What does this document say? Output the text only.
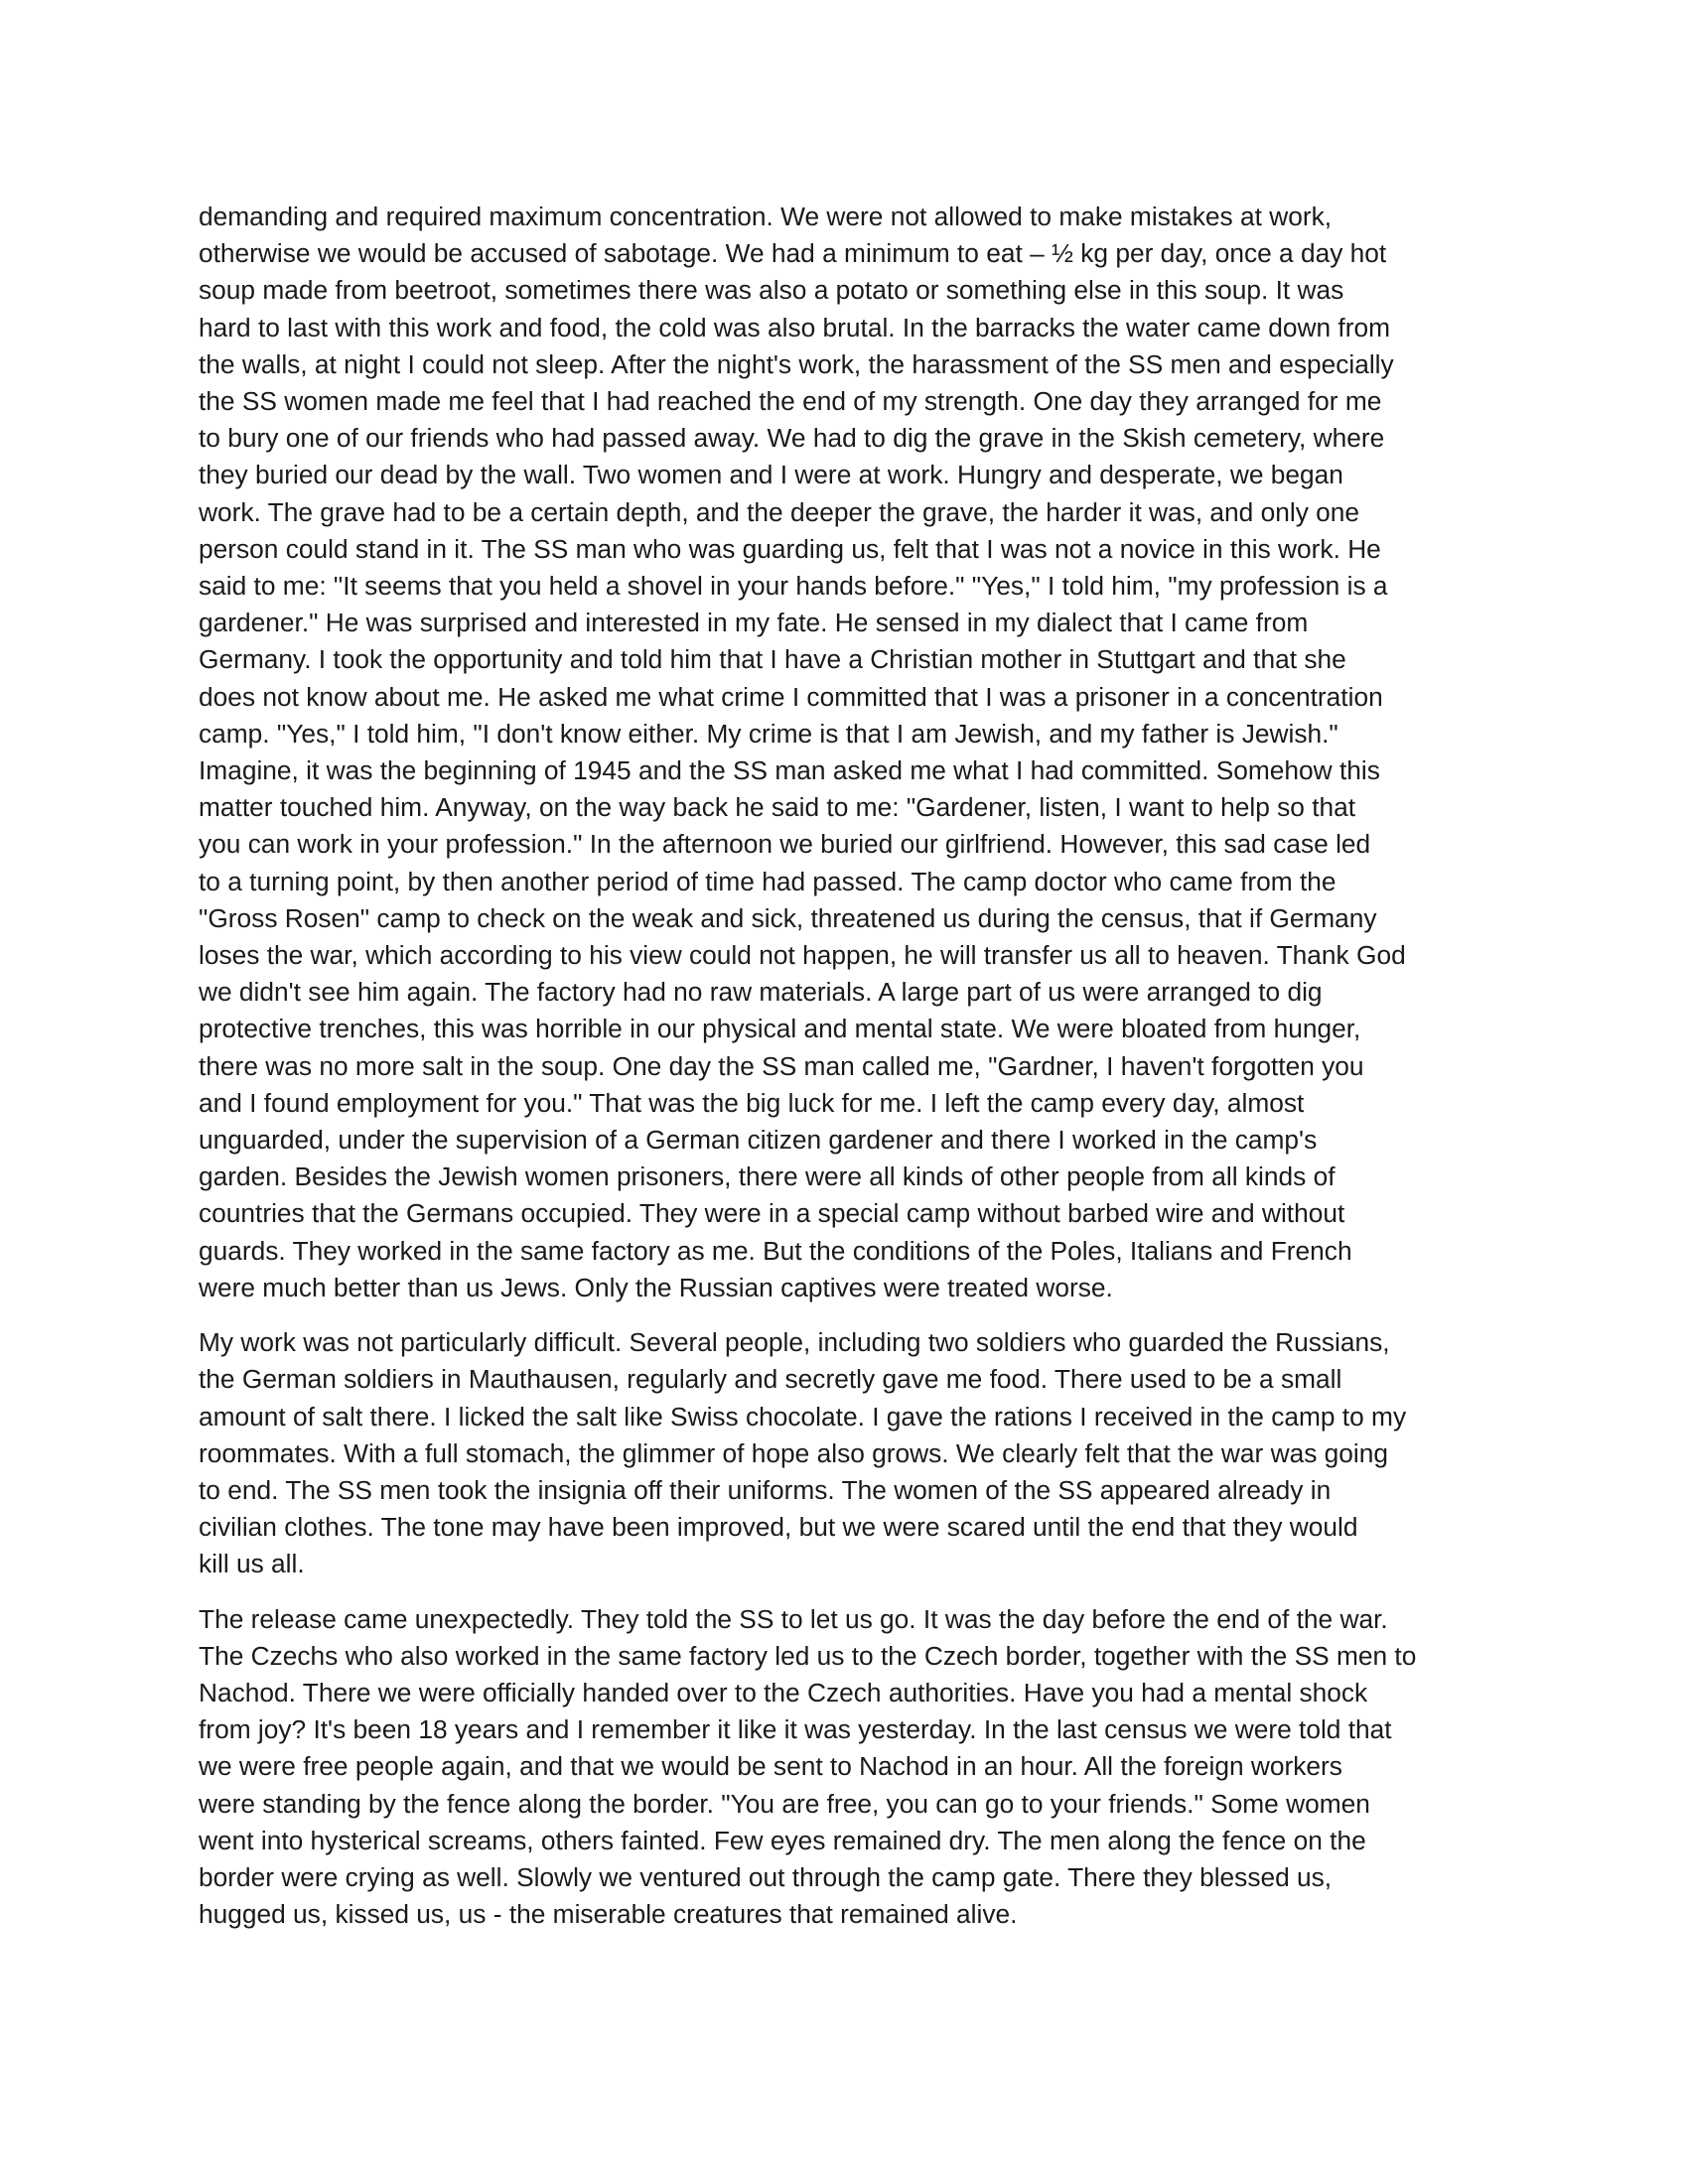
demanding and required maximum concentration. We were not allowed to make mistakes at work,
otherwise we would be accused of sabotage. We had a minimum to eat – ½ kg per day, once a day hot
soup made from beetroot, sometimes there was also a potato or something else in this soup. It was
hard to last with this work and food, the cold was also brutal. In the barracks the water came down from
the walls, at night I could not sleep. After the night's work, the harassment of the SS men and especially
the SS women made me feel that I had reached the end of my strength. One day they arranged for me
to bury one of our friends who had passed away. We had to dig the grave in the Skish cemetery, where
they buried our dead by the wall. Two women and I were at work. Hungry and desperate, we began
work. The grave had to be a certain depth, and the deeper the grave, the harder it was, and only one
person could stand in it. The SS man who was guarding us, felt that I was not a novice in this work. He
said to me: "It seems that you held a shovel in your hands before." "Yes," I told him, "my profession is a
gardener." He was surprised and interested in my fate. He sensed in my dialect that I came from
Germany. I took the opportunity and told him that I have a Christian mother in Stuttgart and that she
does not know about me. He asked me what crime I committed that I was a prisoner in a concentration
camp. "Yes," I told him, "I don't know either. My crime is that I am Jewish, and my father is Jewish."
Imagine, it was the beginning of 1945 and the SS man asked me what I had committed. Somehow this
matter touched him. Anyway, on the way back he said to me: "Gardener, listen, I want to help so that
you can work in your profession." In the afternoon we buried our girlfriend. However, this sad case led
to a turning point, by then another period of time had passed. The camp doctor who came from the
"Gross Rosen" camp to check on the weak and sick, threatened us during the census, that if Germany
loses the war, which according to his view could not happen, he will transfer us all to heaven. Thank God
we didn't see him again. The factory had no raw materials. A large part of us were arranged to dig
protective trenches, this was horrible in our physical and mental state. We were bloated from hunger,
there was no more salt in the soup. One day the SS man called me, "Gardner, I haven't forgotten you
and I found employment for you." That was the big luck for me. I left the camp every day, almost
unguarded, under the supervision of a German citizen gardener and there I worked in the camp's
garden. Besides the Jewish women prisoners, there were all kinds of other people from all kinds of
countries that the Germans occupied. They were in a special camp without barbed wire and without
guards. They worked in the same factory as me. But the conditions of the Poles, Italians and French
were much better than us Jews. Only the Russian captives were treated worse.
My work was not particularly difficult. Several people, including two soldiers who guarded the Russians,
the German soldiers in Mauthausen, regularly and secretly gave me food. There used to be a small
amount of salt there. I licked the salt like Swiss chocolate. I gave the rations I received in the camp to my
roommates. With a full stomach, the glimmer of hope also grows. We clearly felt that the war was going
to end. The SS men took the insignia off their uniforms. The women of the SS appeared already in
civilian clothes. The tone may have been improved, but we were scared until the end that they would
kill us all.
The release came unexpectedly. They told the SS to let us go. It was the day before the end of the war.
The Czechs who also worked in the same factory led us to the Czech border, together with the SS men to
Nachod. There we were officially handed over to the Czech authorities. Have you had a mental shock
from joy? It's been 18 years and I remember it like it was yesterday. In the last census we were told that
we were free people again, and that we would be sent to Nachod in an hour. All the foreign workers
were standing by the fence along the border. "You are free, you can go to your friends." Some women
went into hysterical screams, others fainted. Few eyes remained dry. The men along the fence on the
border were crying as well. Slowly we ventured out through the camp gate. There they blessed us,
hugged us, kissed us, us - the miserable creatures that remained alive.
